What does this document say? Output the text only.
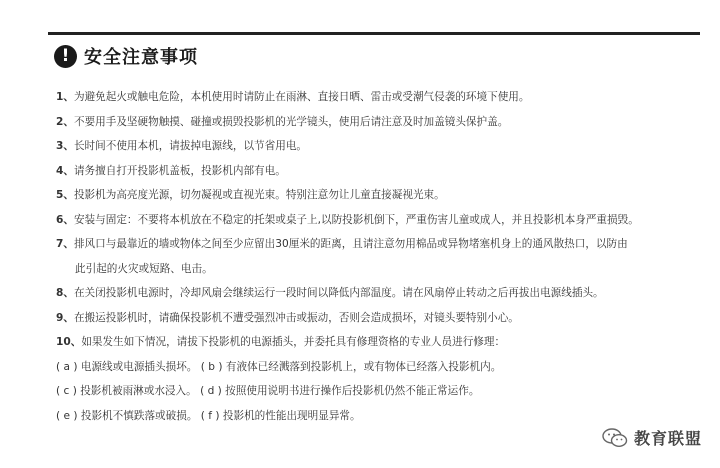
! 安全注意事项
1、为避免起火或触电危险，本机使用时请防止在雨淋、直接日晒、雷击或受潮气侵袭的环境下使用。
2、不要用手及坚硬物触摸、碰撞或损毁投影机的光学镜头，使用后请注意及时加盖镜头保护盖。
3、长时间不使用本机，请拔掉电源线，以节省用电。
4、请务擅自打开投影机盖板，投影机内部有电。
5、投影机为高亮度光源，切勿凝视或直视光束。特别注意勿让儿童直接凝视光束。
6、安装与固定：不要将本机放在不稳定的托架或桌子上,以防投影机倒下，严重伤害儿童或成人，并且投影机本身严重损毁。
7、排风口与最靠近的墙或物体之间至少应留出30厘米的距离，且请注意勿用棉品或异物堵塞机身上的通风散热口，以防由
此引起的火灾或短路、电击。
8、在关闭投影机电源时，冷却风扇会继续运行一段时间以降低内部温度。请在风扇停止转动之后再拔出电源线插头。
9、在搬运投影机时，请确保投影机不遭受强烈冲击或振动，否则会造成损坏，对镜头要特别小心。
10、如果发生如下情况，请拔下投影机的电源插头，并委托具有修理资格的专业人员进行修理：
( a ) 电源线或电源插头损坏。 ( b ) 有液体已经溅落到投影机上，或有物体已经落入投影机内。
( c ) 投影机被雨淋或水浸入。 ( d ) 按照使用说明书进行操作后投影机仍然不能正常运作。
( e ) 投影机不慎跌落或破损。 ( f ) 投影机的性能出现明显异常。
教育联盟
